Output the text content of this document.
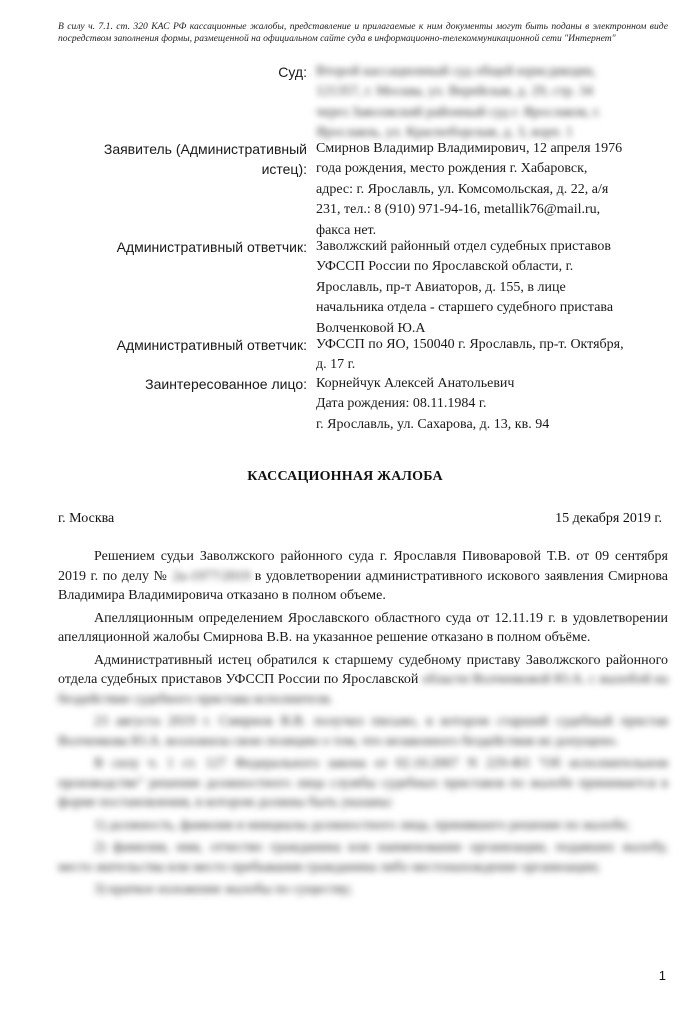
В силу ч. 7.1. ст. 320 КАС РФ кассационные жалобы, представление и прилагаемые к ним документы могут быть поданы в электронном виде посредством заполнения формы, размещенной на официальном сайте суда в информационно-телекоммуникационной сети "Интернет"
Суд: Второй кассационный суд общей юрисдикции,
121357, г. Москва, ул. Верейская, д. 29, стр. 34
через Заволжский районный суд г. Ярославля, г.
Ярославль, ул. Красноборская, д. 3, корп. 1
Заявитель (Административный
истец):
Смирнов Владимир Владимирович, 12 апреля 1976
года рождения, место рождения г. Хабаровск,
адрес: г. Ярославль, ул. Комсомольская, д. 22, а/я
231, тел.: 8 (910) 971-94-16, metallik76@mail.ru,
факса нет.
Административный ответчик: Заволжский районный отдел судебных приставов
УФССП России по Ярославской области, г.
Ярославль, пр-т Авиаторов, д. 155, в лице
начальника отдела - старшего судебного пристава
Волченковой Ю.А
Административный ответчик: УФССП по ЯО, 150040 г. Ярославль, пр-т. Октября,
д. 17 г.
Заинтересованное лицо: Корнейчук Алексей Анатольевич
Дата рождения: 08.11.1984 г.
г. Ярославль, ул. Сахарова, д. 13, кв. 94
КАССАЦИОННАЯ ЖАЛОБА
г. Москва	15 декабря 2019 г.

Решением судьи Заволжского районного суда г. Ярославля Пивоваровой Т.В. от 09 сентября 2019 г. по делу № 2а-1977/2019 в удовлетворении административного искового заявления Смирнова Владимира Владимировича отказано в полном объеме.

Апелляционным определением Ярославского областного суда от 12.11.19 г. в удовлетворении апелляционной жалобы Смирнова В.В. на указанное решение отказано в полном объёме.

Административный истец обратился к старшему судебному приставу Заволжского районного отдела судебных приставов УФССП России по Ярославской области Волченковой Ю.А. с жалобой на бездействие судебного пристава исполнителя.

23 августа 2019 г. Смирнов В.В. получил письмо, в котором старший судебный пристав Волченкова Ю.А. возложила свою позицию о том, что незаконного бездействия не допущено.

В силу ч. 1 ст. 127 Федерального закона от 02.10.2007 N 229-ФЗ "Об исполнительном производстве" решение должностного лица службы судебных приставов по жалобе принимается в форме постановления, в котором должны быть указаны:

1) должность, фамилия и инициалы должностного лица, принявшего решение по жалобе;

2) фамилия, имя, отчество гражданина или наименование организации, подавших жалобу, место жительства или место пребывания гражданина либо местонахождение организации;

3) краткое изложение жалобы по существу;

1
